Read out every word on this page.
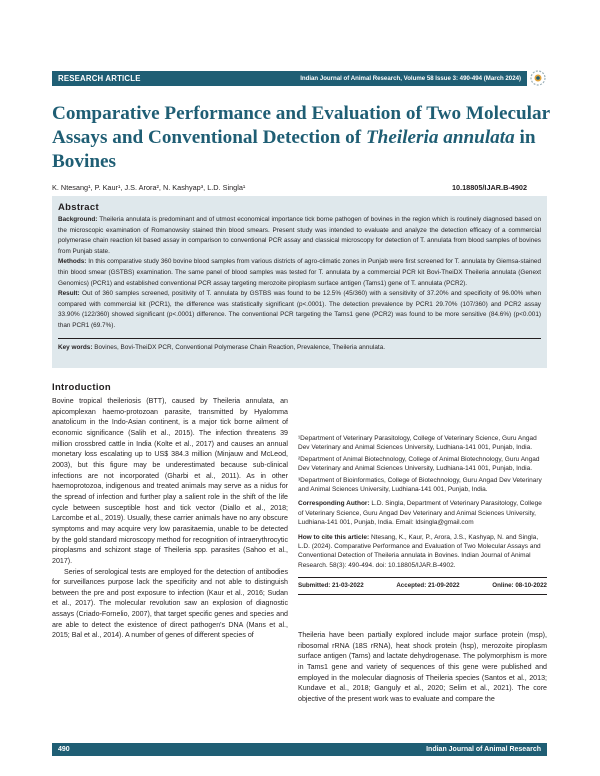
RESEARCH ARTICLE	Indian Journal of Animal Research, Volume 58 Issue 3: 490-494 (March 2024)
Comparative Performance and Evaluation of Two Molecular Assays and Conventional Detection of Theileria annulata in Bovines
K. Ntesang¹, P. Kaur¹, J.S. Arora², N. Kashyap³, L.D. Singla¹	10.18805/IJAR.B-4902
Abstract

Background: Theileria annulata is predominant and of utmost economical importance tick borne pathogen of bovines in the region which is routinely diagnosed based on the microscopic examination of Romanowsky stained thin blood smears. Present study was intended to evaluate and analyze the detection efficacy of a commercial polymerase chain reaction kit based assay in comparison to conventional PCR assay and classical microscopy for detection of T. annulata from blood samples of bovines from Punjab state.
Methods: In this comparative study 360 bovine blood samples from various districts of agro-climatic zones in Punjab were first screened for T. annulata by Giemsa-stained thin blood smear (GSTBS) examination. The same panel of blood samples was tested for T. annulata by a commercial PCR kit Bovi-TheiDX Theileria annulata (Genext Genomics) (PCR1) and established conventional PCR assay targeting merozoite piroplasm surface antigen (Tams1) gene of T. annulata (PCR2).
Result: Out of 360 samples screened, positivity of T. annulata by GSTBS was found to be 12.5% (45/360) with a sensitivity of 37.20% and specificity of 96.00% when compared with commercial kit (PCR1), the difference was statistically significant (p<.0001). The detection prevalence by PCR1 29.70% (107/360) and PCR2 assay 33.90% (122/360) showed significant (p<.0001) difference. The conventional PCR targeting the Tams1 gene (PCR2) was found to be more sensitive (84.6%) (p<0.001) than PCR1 (69.7%).

Key words: Bovines, Bovi-TheiDX PCR, Conventional Polymerase Chain Reaction, Prevalence, Theileria annulata.

Introduction

Bovine tropical theileriosis (BTT), caused by Theileria annulata, an apicomplexan haemo-protozoan parasite, transmitted by Hyalomma anatolicum in the Indo-Asian continent, is a major tick borne ailment of economic significance (Salih et al., 2015). The infection threatens 39 million crossbred cattle in India (Kolte et al., 2017) and causes an annual monetary loss escalating up to US$ 384.3 million (Minjauw and McLeod, 2003), but this figure may be underestimated because sub-clinical infections are not incorporated (Gharbi et al., 2011). As in other haemoprotozoa, indigenous and treated animals may serve as a nidus for the spread of infection and further play a salient role in the shift of the life cycle between susceptible host and tick vector (Diallo et al., 2018; Larcombe et al., 2019). Usually, these carrier animals have no any obscure symptoms and may acquire very low parasitaemia, unable to be detected by the gold standard microscopy method for recognition of intraerythrocytic piroplasms and schizont stage of Theileria spp. parasites (Sahoo et al., 2017).

Series of serological tests are employed for the detection of antibodies for surveillances purpose lack the specificity and not able to distinguish between the pre and post exposure to infection (Kaur et al., 2016; Sudan et al., 2017). The molecular revolution saw an explosion of diagnostic assays (Criado-Fornelio, 2007), that target specific genes and species and are able to detect the existence of direct pathogen's DNA (Mans et al., 2015; Bal et al., 2014). A number of genes of different species of

¹Department of Veterinary Parasitology, College of Veterinary Science, Guru Angad Dev Veterinary and Animal Sciences University, Ludhiana-141 001, Punjab, India.

²Department of Animal Biotechnology, College of Animal Biotechnology, Guru Angad Dev Veterinary and Animal Sciences University, Ludhiana-141 001, Punjab, India.

³Department of Bioinformatics, College of Biotechnology, Guru Angad Dev Veterinary and Animal Sciences University, Ludhiana-141 001, Punjab, India.

Corresponding Author: L.D. Singla, Department of Veterinary Parasitology, College of Veterinary Science, Guru Angad Dev Veterinary and Animal Sciences University, Ludhiana-141 001, Punjab, India. Email: ldsingla@gmail.com

How to cite this article: Ntesang, K., Kaur, P., Arora, J.S., Kashyap, N. and Singla, L.D. (2024). Comparative Performance and Evaluation of Two Molecular Assays and Conventional Detection of Theileria annulata in Bovines. Indian Journal of Animal Research. 58(3): 490-494. doi: 10.18805/IJAR.B-4902.

Submitted: 21-03-2022	Accepted: 21-09-2022	Online: 08-10-2022

Theileria have been partially explored include major surface protein (msp), ribosomal rRNA (18S rRNA), heat shock protein (hsp), merozoite piroplasm surface antigen (Tams) and lactate dehydrogenase. The polymorphism is more in Tams1 gene and variety of sequences of this gene were published and employed in the molecular diagnosis of Theileria species (Santos et al., 2013; Kundave et al., 2018; Ganguly et al., 2020; Selim et al., 2021). The core objective of the present work was to evaluate and compare the

490	Indian Journal of Animal Research
